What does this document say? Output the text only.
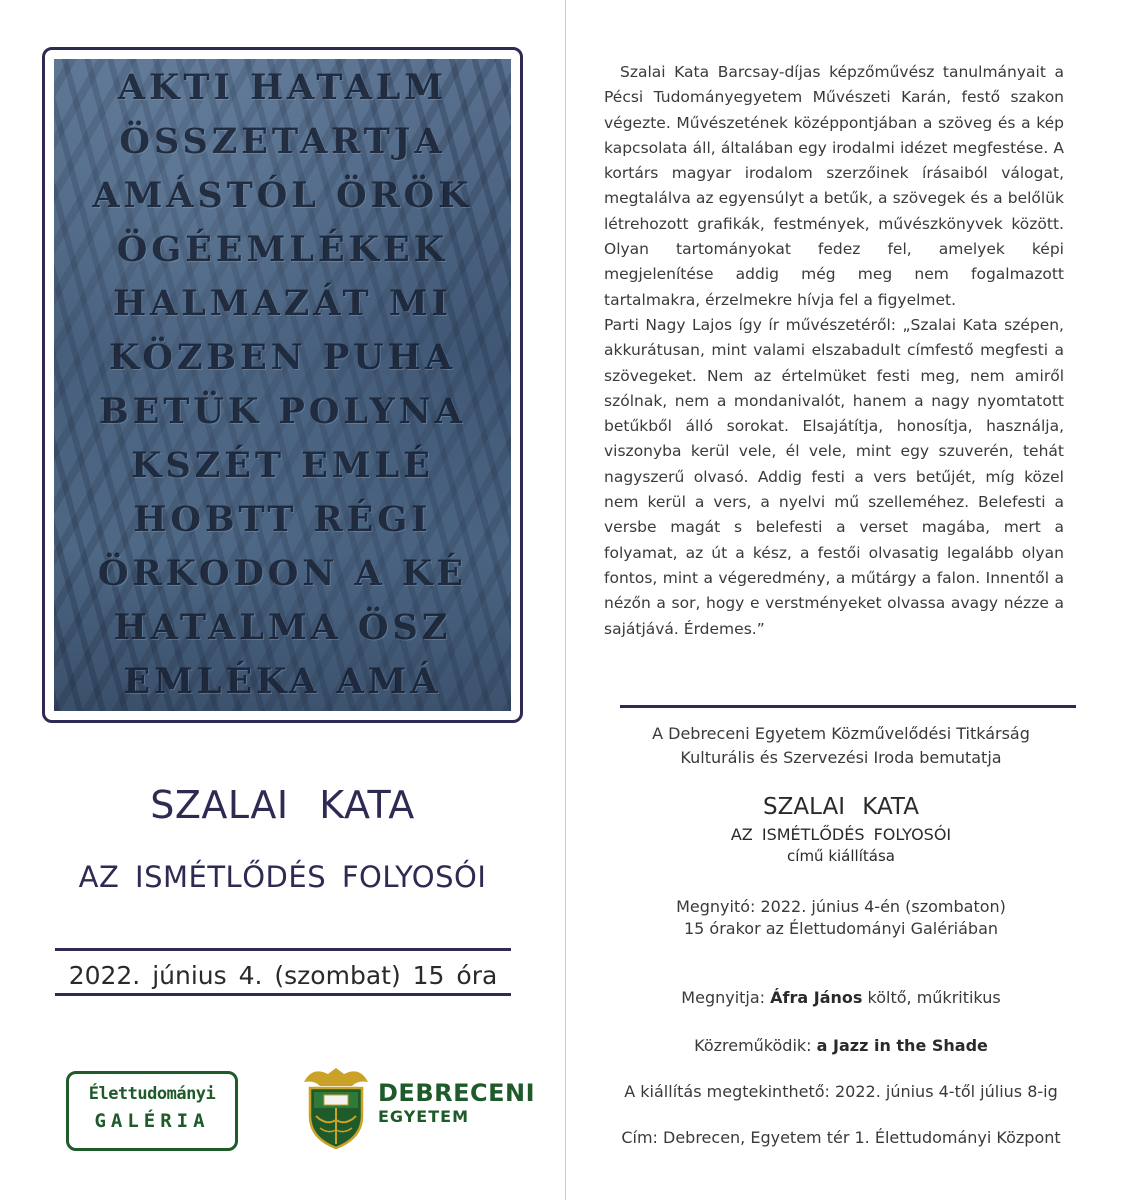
AKTI HATALM
ÖSSZETARTJA
AMÁSTÓL ÖRÖK
ÖGÉEMLÉKEK
HALMAZÁT MI
KÖZBEN PUHA
BETÜK POLYNA
KSZÉT EMLÉ
HOBTT RÉGI
ÖRKODON A KÉ
HATALMA ÖSZ
EMLÉKA AMÁ
SZALAI KATA
AZ ISMÉTLŐDÉS FOLYOSÓI
2022. június 4. (szombat) 15 óra
Élettudományi
GALÉRIA
DEBRECENI
EGYETEM

Szalai Kata Barcsay-díjas képzőművész tanulmányait a Pécsi Tudományegyetem Művészeti Karán, festő szakon végezte. Művészetének középpontjában a szöveg és a kép kapcsolata áll, általában egy irodalmi idézet megfestése. A kortárs magyar irodalom szerzőinek írásaiból válogat, megtalálva az egyensúlyt a betűk, a szövegek és a belőlük létrehozott grafikák, festmények, művészkönyvek között. Olyan tartományokat fedez fel, amelyek képi megjelenítése addig még meg nem fogalmazott tartalmakra, érzelmekre hívja fel a figyelmet.

Parti Nagy Lajos így ír művészetéről: „Szalai Kata szépen, akkurátusan, mint valami elszabadult címfestő megfesti a szövegeket. Nem az értelmüket festi meg, nem amiről szólnak, nem a mondanivalót, hanem a nagy nyomtatott betűkből álló sorokat. Elsajátítja, honosítja, használja, viszonyba kerül vele, él vele, mint egy szuverén, tehát nagyszerű olvasó. Addig festi a vers betűjét, míg közel nem kerül a vers, a nyelvi mű szelleméhez. Belefesti a versbe magát s belefesti a verset magába, mert a folyamat, az út a kész, a festői olvasatig legalább olyan fontos, mint a végeredmény, a műtárgy a falon. Innentől a nézőn a sor, hogy e verstményeket olvassa avagy nézze a sajátjává. Érdemes.”

A Debreceni Egyetem Közművelődési Titkárság
Kulturális és Szervezési Iroda bemutatja
SZALAI KATA
AZ ISMÉTLŐDÉS FOLYOSÓI
című kiállítása
Megnyitó: 2022. június 4-én (szombaton)
15 órakor az Élettudományi Galériában
Megnyitja: Áfra János költő, műkritikus
Közreműködik: a Jazz in the Shade
A kiállítás megtekinthető: 2022. június 4-től július 8-ig
Cím: Debrecen, Egyetem tér 1. Élettudományi Központ
